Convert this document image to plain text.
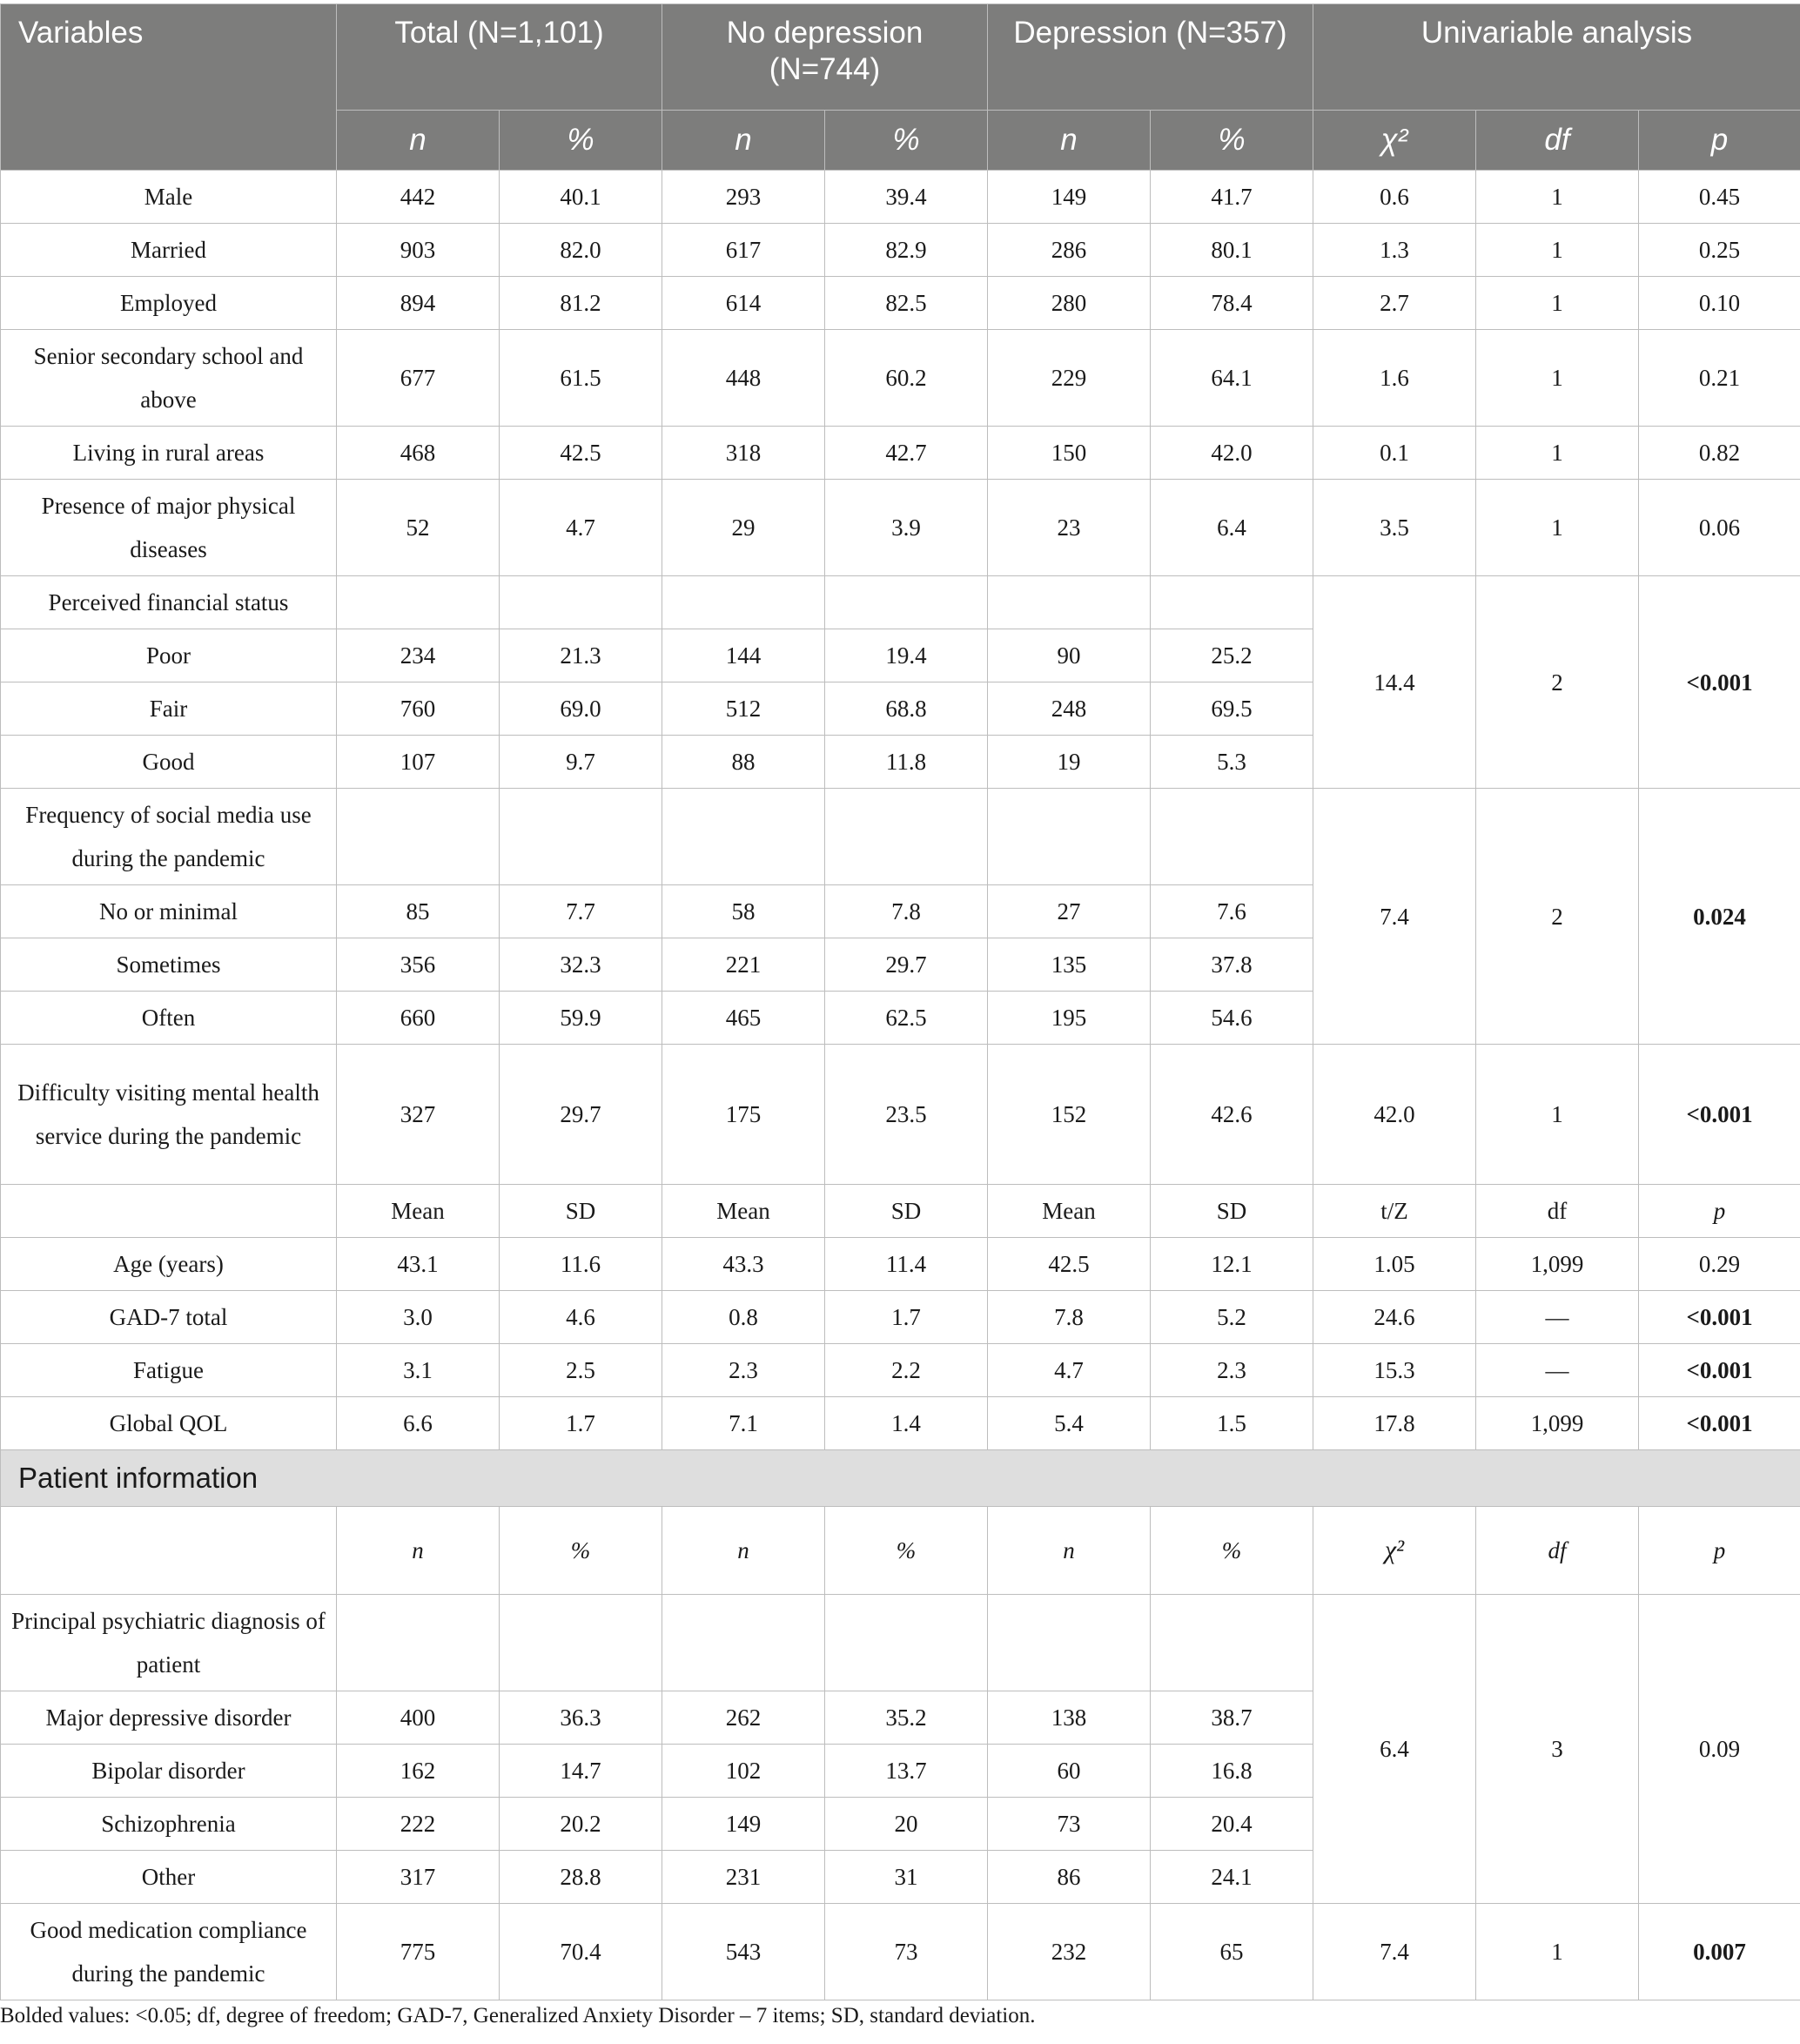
Variables	Total (N=1,101)		No depression (N=744)		Depression (N=357)		Univariable analysis		
	n	%	n	%	n	%	χ²	df	p
Male	442	40.1	293	39.4	149	41.7	0.6	1	0.45
Married	903	82.0	617	82.9	286	80.1	1.3	1	0.25
Employed	894	81.2	614	82.5	280	78.4	2.7	1	0.10
Senior secondary school and above	677	61.5	448	60.2	229	64.1	1.6	1	0.21
Living in rural areas	468	42.5	318	42.7	150	42.0	0.1	1	0.82
Presence of major physical diseases	52	4.7	29	3.9	23	6.4	3.5	1	0.06
Perceived financial status							14.4	2	<0.001
Poor	234	21.3	144	19.4	90	25.2			
Fair	760	69.0	512	68.8	248	69.5			
Good	107	9.7	88	11.8	19	5.3			
Frequency of social media use during the pandemic							7.4	2	0.024
No or minimal	85	7.7	58	7.8	27	7.6			
Sometimes	356	32.3	221	29.7	135	37.8			
Often	660	59.9	465	62.5	195	54.6			
Difficulty visiting mental health service during the pandemic	327	29.7	175	23.5	152	42.6	42.0	1	<0.001
	Mean	SD	Mean	SD	Mean	SD	t/Z	df	p
Age (years)	43.1	11.6	43.3	11.4	42.5	12.1	1.05	1,099	0.29
GAD-7 total	3.0	4.6	0.8	1.7	7.8	5.2	24.6	—	<0.001
Fatigue	3.1	2.5	2.3	2.2	4.7	2.3	15.3	—	<0.001
Global QOL	6.6	1.7	7.1	1.4	5.4	1.5	17.8	1,099	<0.001
Patient information									
	n	%	n	%	n	%	χ²	df	p
Principal psychiatric diagnosis of patient							6.4	3	0.09
Major depressive disorder	400	36.3	262	35.2	138	38.7			
Bipolar disorder	162	14.7	102	13.7	60	16.8			
Schizophrenia	222	20.2	149	20	73	20.4			
Other	317	28.8	231	31	86	24.1			
Good medication compliance during the pandemic	775	70.4	543	73	232	65	7.4	1	0.007
Bolded values: <0.05; df, degree of freedom; GAD-7, Generalized Anxiety Disorder – 7 items; SD, standard deviation.
